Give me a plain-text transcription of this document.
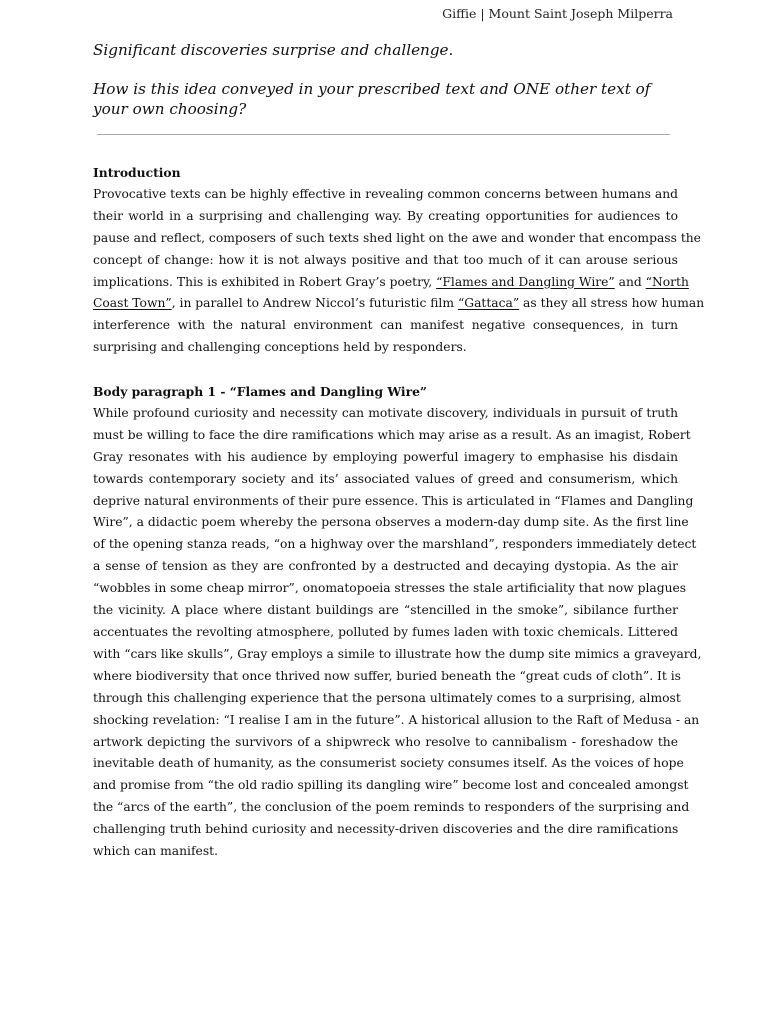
Giffie | Mount Saint Joseph Milperra

Significant discoveries surprise and challenge.

How is this idea conveyed in your prescribed text and ONE other text of your own choosing?

Introduction

Provocative texts can be highly effective in revealing common concerns between humans and
their world in a surprising and challenging way. By creating opportunities for audiences to
pause and reflect, composers of such texts shed light on the awe and wonder that encompass the
concept of change: how it is not always positive and that too much of it can arouse serious
implications. This is exhibited in Robert Gray’s poetry, “Flames and Dangling Wire” and “North
Coast Town”, in parallel to Andrew Niccol’s futuristic film “Gattaca” as they all stress how human
interference with the natural environment can manifest negative consequences, in turn
surprising and challenging conceptions held by responders.

Body paragraph 1 - “Flames and Dangling Wire”

While profound curiosity and necessity can motivate discovery, individuals in pursuit of truth
must be willing to face the dire ramifications which may arise as a result. As an imagist, Robert
Gray resonates with his audience by employing powerful imagery to emphasise his disdain
towards contemporary society and its’ associated values of greed and consumerism, which
deprive natural environments of their pure essence. This is articulated in “Flames and Dangling
Wire”, a didactic poem whereby the persona observes a modern-day dump site. As the first line
of the opening stanza reads, “on a highway over the marshland”, responders immediately detect
a sense of tension as they are confronted by a destructed and decaying dystopia. As the air
“wobbles in some cheap mirror”, onomatopoeia stresses the stale artificiality that now plagues
the vicinity. A place where distant buildings are “stencilled in the smoke”, sibilance further
accentuates the revolting atmosphere, polluted by fumes laden with toxic chemicals. Littered
with “cars like skulls”, Gray employs a simile to illustrate how the dump site mimics a graveyard,
where biodiversity that once thrived now suffer, buried beneath the “great cuds of cloth”. It is
through this challenging experience that the persona ultimately comes to a surprising, almost
shocking revelation: “I realise I am in the future”. A historical allusion to the Raft of Medusa - an
artwork depicting the survivors of a shipwreck who resolve to cannibalism - foreshadow the
inevitable death of humanity, as the consumerist society consumes itself. As the voices of hope
and promise from “the old radio spilling its dangling wire” become lost and concealed amongst
the “arcs of the earth”, the conclusion of the poem reminds to responders of the surprising and
challenging truth behind curiosity and necessity-driven discoveries and the dire ramifications
which can manifest.
